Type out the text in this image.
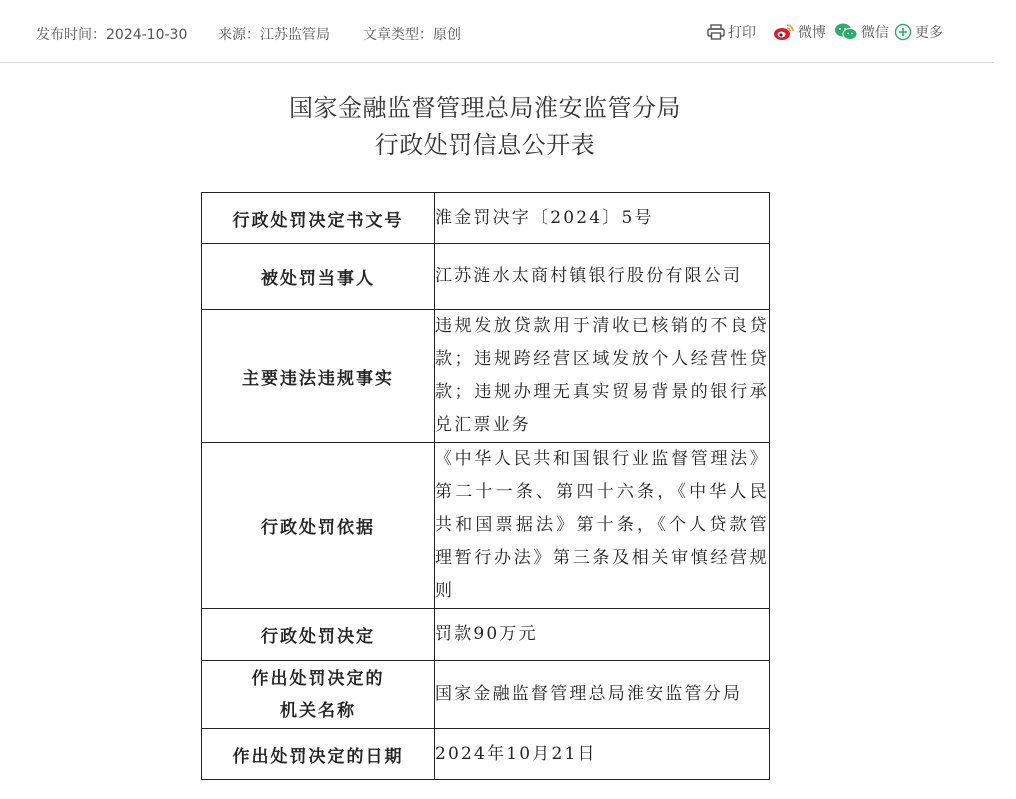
发布时间：2024-10-30 来源：江苏监管局 文章类型：原创	打印	微博	微信 更多
国家金融监督管理总局淮安监管分局
行政处罚信息公开表
行政处罚决定书文号	淮金罚决字〔2024〕5号
被处罚当事人	江苏涟水太商村镇银行股份有限公司
主要违法违规事实	违规发放贷款用于清收已核销的不良贷款；违规跨经营区域发放个人经营性贷款；违规办理无真实贸易背景的银行承兑汇票业务
行政处罚依据	《中华人民共和国银行业监督管理法》第二十一条、第四十六条，《中华人民共和国票据法》第十条，《个人贷款管理暂行办法》第三条及相关审慎经营规则
行政处罚决定	罚款90万元

作出处罚决定的
机关名称	国家金融监督管理总局淮安监管分局
作出处罚决定的日期	2024年10月21日
